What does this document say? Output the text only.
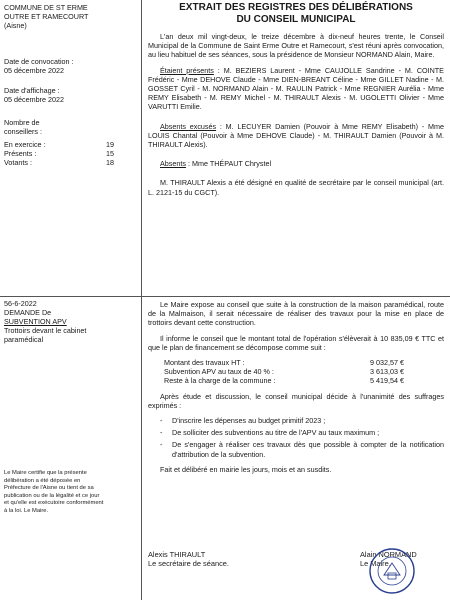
COMMUNE DE ST ERME OUTRE ET RAMECOURT (Aisne)
Date de convocation :
05 décembre 2022
Date d'affichage :
05 décembre 2022
Nombre de conseillers :
En exercice :	19
Présents :	15
Votants :	18
56-6-2022
DEMANDE De
SUBVENTION APV
Trottoirs devant le cabinet paramédical
Le Maire certifie que la présente délibération a été déposée en Préfecture de l'Aisne ou tient de sa publication ou de la légalité et ce jour et qu'elle est exécutoire conformément à la loi. Le Maire.
EXTRAIT DES REGISTRES DES DÉLIBÉRATIONS
DU CONSEIL MUNICIPAL

L'an deux mil vingt-deux, le treize décembre à dix-neuf heures trente, le Conseil Municipal de la Commune de Saint Erme Outre et Ramecourt, s'est réuni après convocation, au lieu habituel de ses séances, sous la présidence de Monsieur NORMAND Alain, Maire.

Étaient présents : M. BEZIERS Laurent - Mme CAUJOLLE Sandrine - M. COINTE Frédéric - Mme DEHOVE Claude - Mme DIEN-BREANT Céline - Mme GILLET Nadine - M. GOSSET Cyril - M. NORMAND Alain - M. RAULIN Patrick - Mme REGNIER Aurélia - Mme REMY Elisabeth - M. REMY Michel - M. THIRAULT Alexis - M. UGOLETTI Olivier - Mme VARUTTI Emilie.

Absents excusés : M. LECUYER Damien (Pouvoir à Mme REMY Elisabeth) - Mme LOUIS Chantal (Pouvoir à Mme DEHOVE Claude) - M. THIRAULT Damien (Pouvoir à M. THIRAULT Alexis).

Absents : Mme THÉPAUT Chrystel

M. THIRAULT Alexis a été désigné en qualité de secrétaire par le conseil municipal (art. L. 2121-15 du CGCT).

Le Maire expose au conseil que suite à la construction de la maison paramédical, route de la Malmaison, il serait nécessaire de réaliser des travaux pour la mise en place de trottoirs devant cette construction.

Il informe le conseil que le montant total de l'opération s'élèverait à 10 835,09 € TTC et que le plan de financement se décompose comme suit :

Montant des travaux HT :	9 032,57 €
Subvention APV au taux de 40 % :	3 613,03 €
Reste à la charge de la commune :	5 419,54 €

Après étude et discussion, le conseil municipal décide à l'unanimité des suffrages exprimés :

- D'inscrire les dépenses au budget primitif 2023 ;
- De solliciter des subventions au titre de l'APV au taux maximum ;
- De s'engager à réaliser ces travaux dès que possible à compter de la notification d'attribution de la subvention.

Fait et délibéré en mairie les jours, mois et an susdits.

Alexis THIRAULT
Le secrétaire de séance.
Alain NORMAND
Le Maire.
